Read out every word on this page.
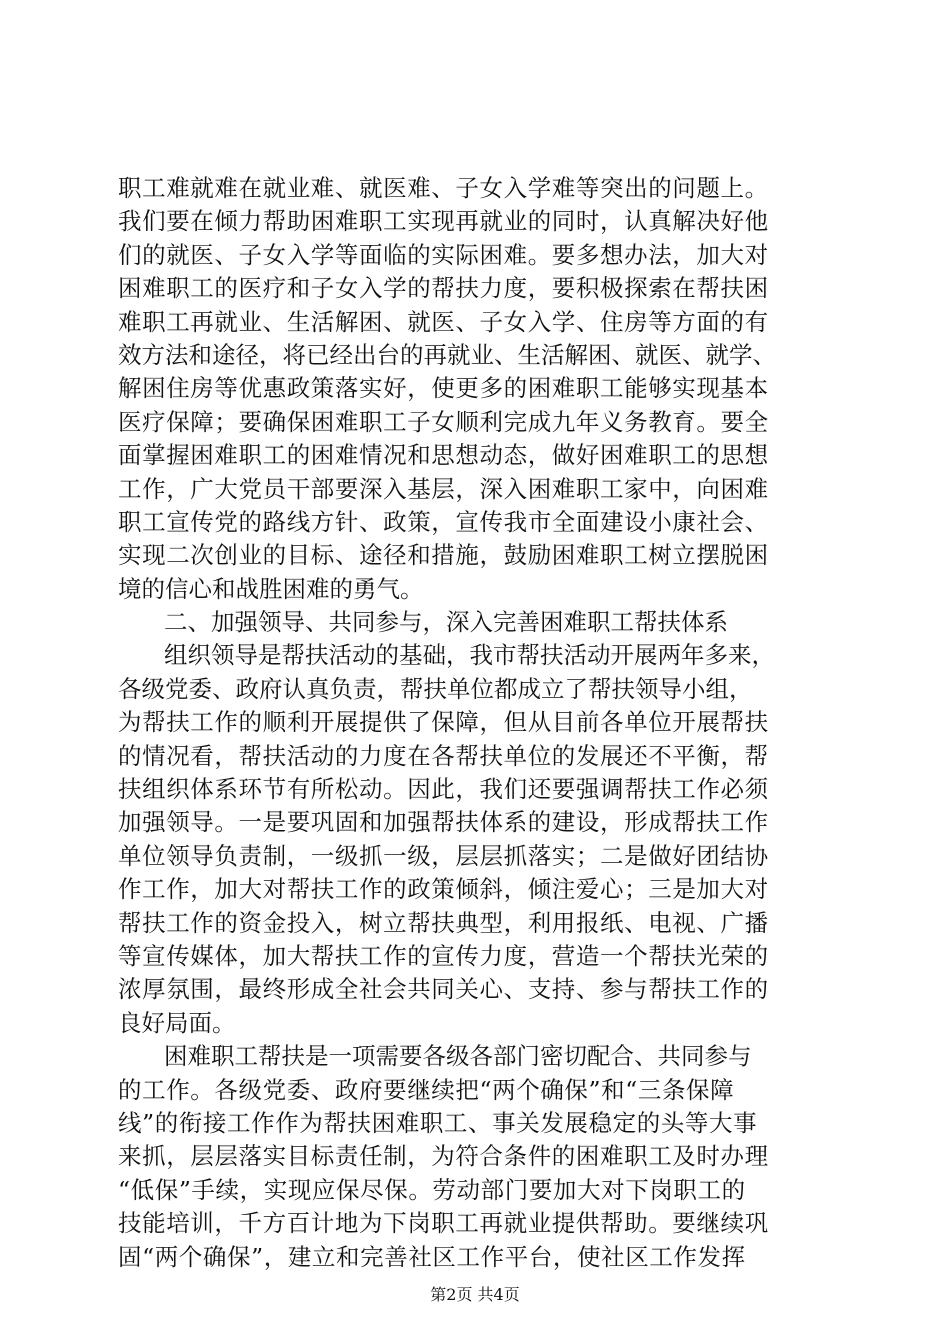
职工难就难在就业难、就医难、子女入学难等突出的问题上。
我们要在倾力帮助困难职工实现再就业的同时，认真解决好他
们的就医、子女入学等面临的实际困难。要多想办法，加大对
困难职工的医疗和子女入学的帮扶力度，要积极探索在帮扶困
难职工再就业、生活解困、就医、子女入学、住房等方面的有
效方法和途径，将已经出台的再就业、生活解困、就医、就学、
解困住房等优惠政策落实好，使更多的困难职工能够实现基本
医疗保障；要确保困难职工子女顺利完成九年义务教育。要全
面掌握困难职工的困难情况和思想动态，做好困难职工的思想
工作，广大党员干部要深入基层，深入困难职工家中，向困难
职工宣传党的路线方针、政策，宣传我市全面建设小康社会、
实现二次创业的目标、途径和措施，鼓励困难职工树立摆脱困
境的信心和战胜困难的勇气。
二、加强领导、共同参与，深入完善困难职工帮扶体系
组织领导是帮扶活动的基础，我市帮扶活动开展两年多来，
各级党委、政府认真负责，帮扶单位都成立了帮扶领导小组，
为帮扶工作的顺利开展提供了保障，但从目前各单位开展帮扶
的情况看，帮扶活动的力度在各帮扶单位的发展还不平衡，帮
扶组织体系环节有所松动。因此，我们还要强调帮扶工作必须
加强领导。一是要巩固和加强帮扶体系的建设，形成帮扶工作
单位领导负责制，一级抓一级，层层抓落实；二是做好团结协
作工作，加大对帮扶工作的政策倾斜，倾注爱心；三是加大对
帮扶工作的资金投入，树立帮扶典型，利用报纸、电视、广播
等宣传媒体，加大帮扶工作的宣传力度，营造一个帮扶光荣的
浓厚氛围，最终形成全社会共同关心、支持、参与帮扶工作的
良好局面。
困难职工帮扶是一项需要各级各部门密切配合、共同参与
的工作。各级党委、政府要继续把“两个确保”和“三条保障
线”的衔接工作作为帮扶困难职工、事关发展稳定的头等大事
来抓，层层落实目标责任制，为符合条件的困难职工及时办理
“低保”手续，实现应保尽保。劳动部门要加大对下岗职工的
技能培训，千方百计地为下岗职工再就业提供帮助。要继续巩
固“两个确保”，建立和完善社区工作平台，使社区工作发挥
第2页 共4页
